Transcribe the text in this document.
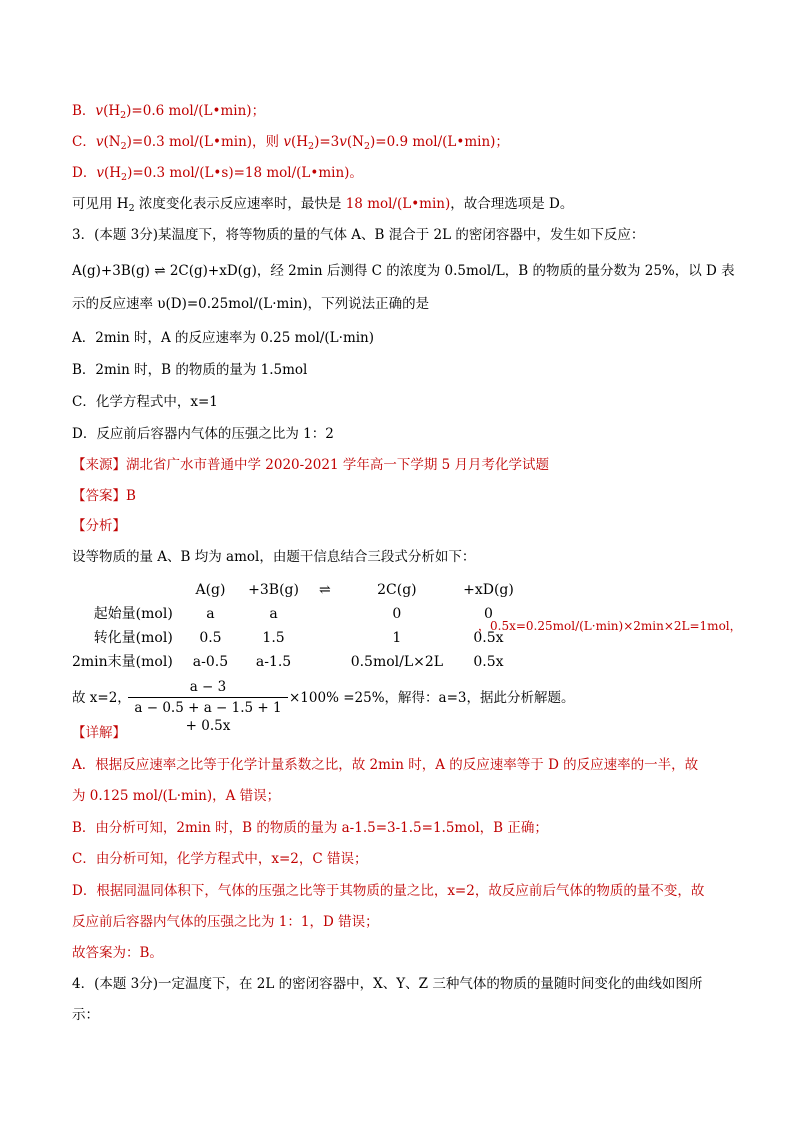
B．$v(H_2)=0.6$ mol/(L•min)；
C．$v(N_2)=0.3$ mol/(L•min)，则 $v(H_2)=3v(N_2)=0.9$ mol/(L•min)；
D．$v(H_2)=0.3$ mol/(L•s)=18 mol/(L•min)。
可见用 $H_2$ 浓度变化表示反应速率时，最快是 18 mol/(L•min)，故合理选项是 D。
3．(本题 3分)某温度下，将等物质的量的气体 A、B 混合于 2L 的密闭容器中，发生如下反应：
A(g)+3B(g) ⇌ 2C(g)+xD(g)，经 2min 后测得 C 的浓度为 0.5mol/L，B 的物质的量分数为 25%，以 D 表
示的反应速率 υ(D)=0.25mol/(L·min)，下列说法正确的是
A．2min 时，A 的反应速率为 0.25 mol/(L·min)
B．2min 时，B 的物质的量为 1.5mol
C．化学方程式中，x=1
D．反应前后容器内气体的压强之比为 1：2
【来源】湖北省广水市普通中学 2020-2021 学年高一下学期 5 月月考化学试题
【答案】B
【分析】
设等物质的量 A、B 均为 amol，由题干信息结合三段式分析如下：
	A(g)	+3B(g)	⇌	2C(g)	+xD(g)
起始量(mol)	a	a		0	0
转化量(mol)	0.5	1.5		1	0.5x
2min末量(mol)	a-0.5	a-1.5		0.5mol/L×2L	0.5x
，0.5x=0.25mol/(L·min)×2min×2L=1mol，
故 x=2，
a − 3
a − 0.5 + a − 1.5 + 1 + 0.5x
×100% =25%，解得：a=3，据此分析解题。
【详解】
A．根据反应速率之比等于化学计量系数之比，故 2min 时，A 的反应速率等于 D 的反应速率的一半，故
为 0.125 mol/(L·min)，A 错误；
B．由分析可知，2min 时，B 的物质的量为 a-1.5=3-1.5=1.5mol，B 正确；
C．由分析可知，化学方程式中，x=2，C 错误；
D．根据同温同体积下，气体的压强之比等于其物质的量之比，x=2，故反应前后气体的物质的量不变，故
反应前后容器内气体的压强之比为 1：1，D 错误；
故答案为：B。
4．(本题 3分)一定温度下，在 2L 的密闭容器中，X、Y、Z 三种气体的物质的量随时间变化的曲线如图所
示：
